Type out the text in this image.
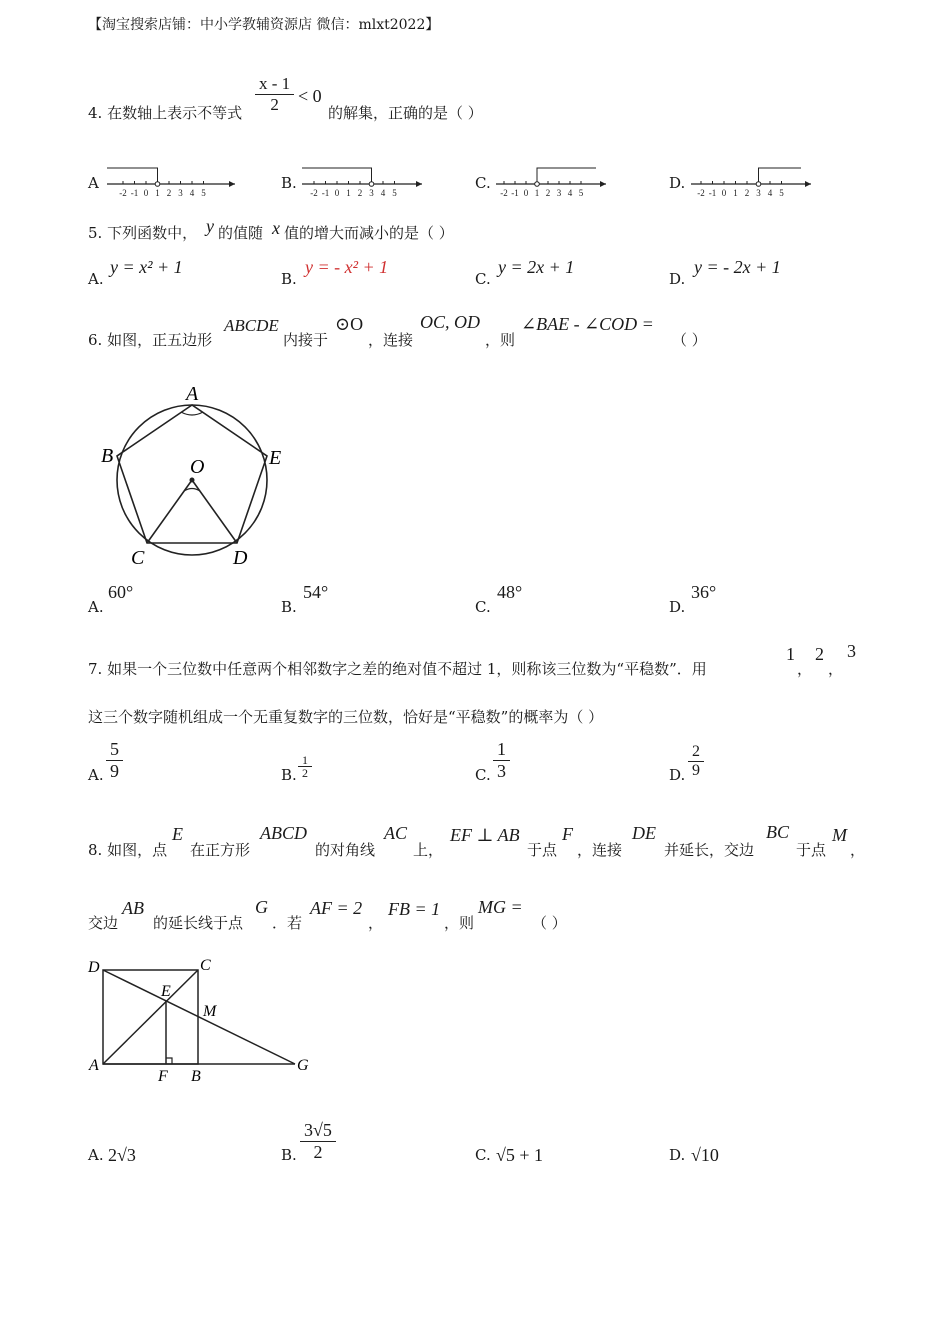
【淘宝搜索店铺：中小学教辅资源店 微信：mlxt2022】
4. 在数轴上表示不等式 $\frac{x - 1}{2} < 0$
的解集，正确的是（ ）
A	B.	C.	D.
-2 -1 0 1 2 3 4 5	-2 -1 0 1 2 3 4 5	-2 -1 0 1 2 3 4 5	-2 -1 0 1 2 3 4 5
5. 下列函数中， y 的值随 x 值的增大而减小的是（ ）
A.
y = x² + 1
B.
y = - x² + 1
C.
y = 2x + 1
D.
y = - 2x + 1
6. 如图，正五边形
ABCDE
内接于
⊙O
，连接
OC, OD
，则
∠BAE - ∠COD =
（ ）
A
B
C	D
E
O
A.
60°
B.
54°
C.
48°
D.
36°
7. 如果一个三位数中任意两个相邻数字之差的绝对值不超过 1，则称该三位数为“平稳数”．用
1
，
2
，
3
这三个数字随机组成一个无重复数字的三位数，恰好是“平稳数”的概率为（ ）
A. $\frac{5}{9}$	B. $\frac{1}{2}$	C. $\frac{1}{3}$	D. $\frac{2}{9}$
8. 如图，点
E
在正方形
ABCD
的对角线
AC
上，
EF ⊥ AB
于点
F
，连接
DE
并延长，交边
BC
于点
M
，
交边
AB
的延长线于点
G
．若
AF = 2
，
FB = 1
，则
MG =
（ ）
D	C
E
M
A
F B
G
A. 2√3	B. $\frac{3√5}{2}$	C. √5 + 1	D. √10
